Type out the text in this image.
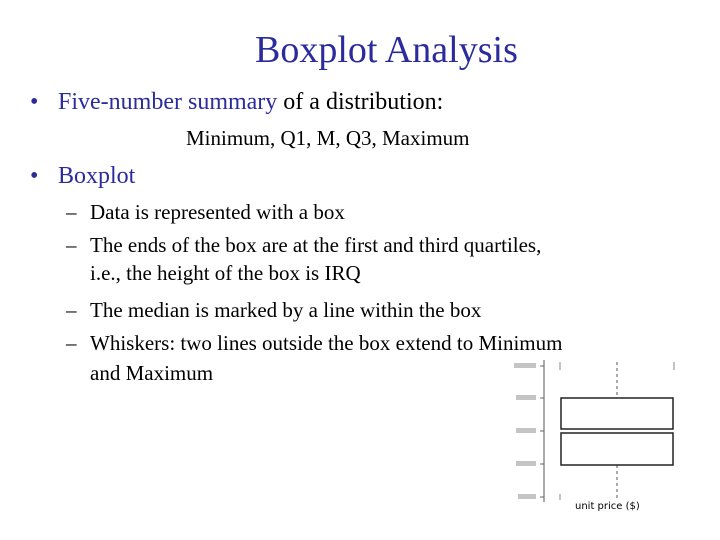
Boxplot Analysis
• Five-number summary of a distribution:
Minimum, Q1, M, Q3, Maximum
• Boxplot
– Data is represented with a box
– The ends of the box are at the first and third quartiles,
i.e., the height of the box is IRQ
– The median is marked by a line within the box
– Whiskers: two lines outside the box extend to Minimum
and Maximum
unit price ($)
